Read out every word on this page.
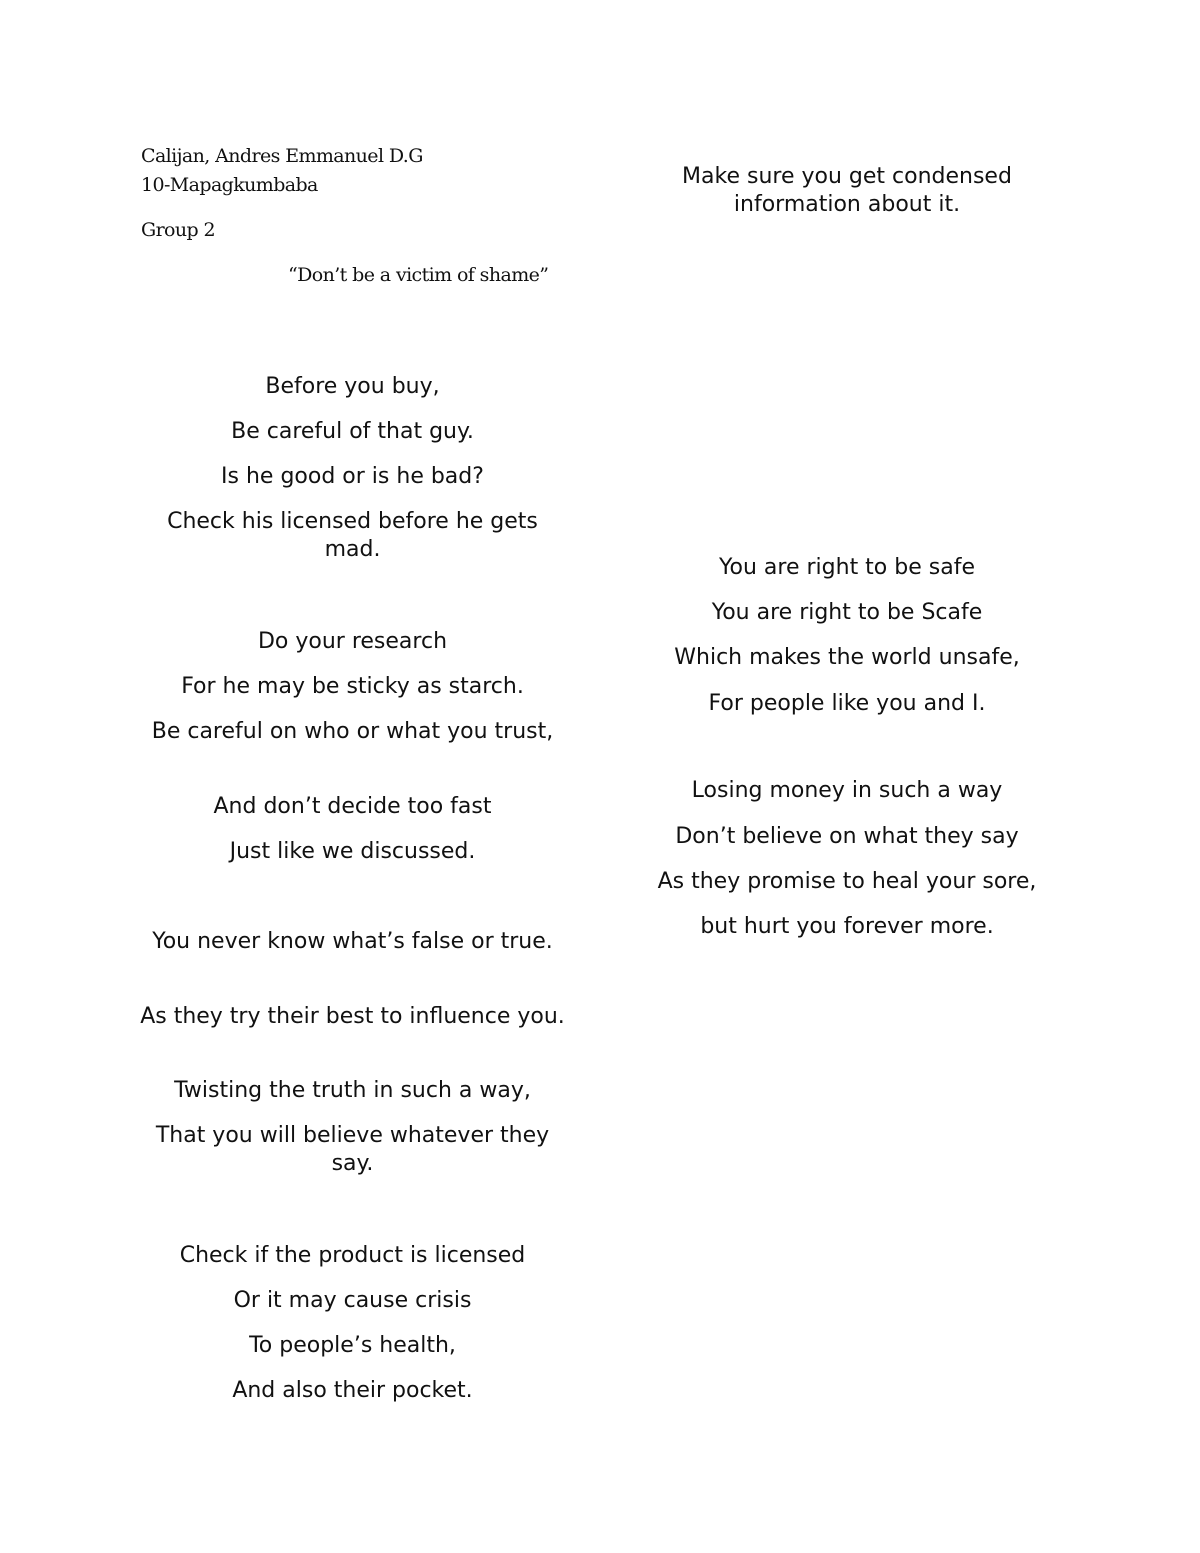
Calijan, Andres Emmanuel D.G

10-Mapagkumbaba

Group 2

“Don’t be a victim of shame”

Before you buy,

Be careful of that guy.

Is he good or is he bad?

Check his licensed before he gets mad.

Do your research

For he may be sticky as starch.

Be careful on who or what you trust,

And don’t decide too fast

Just like we discussed.

You never know what’s false or true.

As they try their best to influence you.

Twisting the truth in such a way,

That you will believe whatever they say.

Check if the product is licensed

Or it may cause crisis

To people’s health,

And also their pocket.

Make sure you get condensed information about it.

You are right to be safe

You are right to be Scafe

Which makes the world unsafe,

For people like you and I.

Losing money in such a way

Don’t believe on what they say

As they promise to heal your sore,

but hurt you forever more.
